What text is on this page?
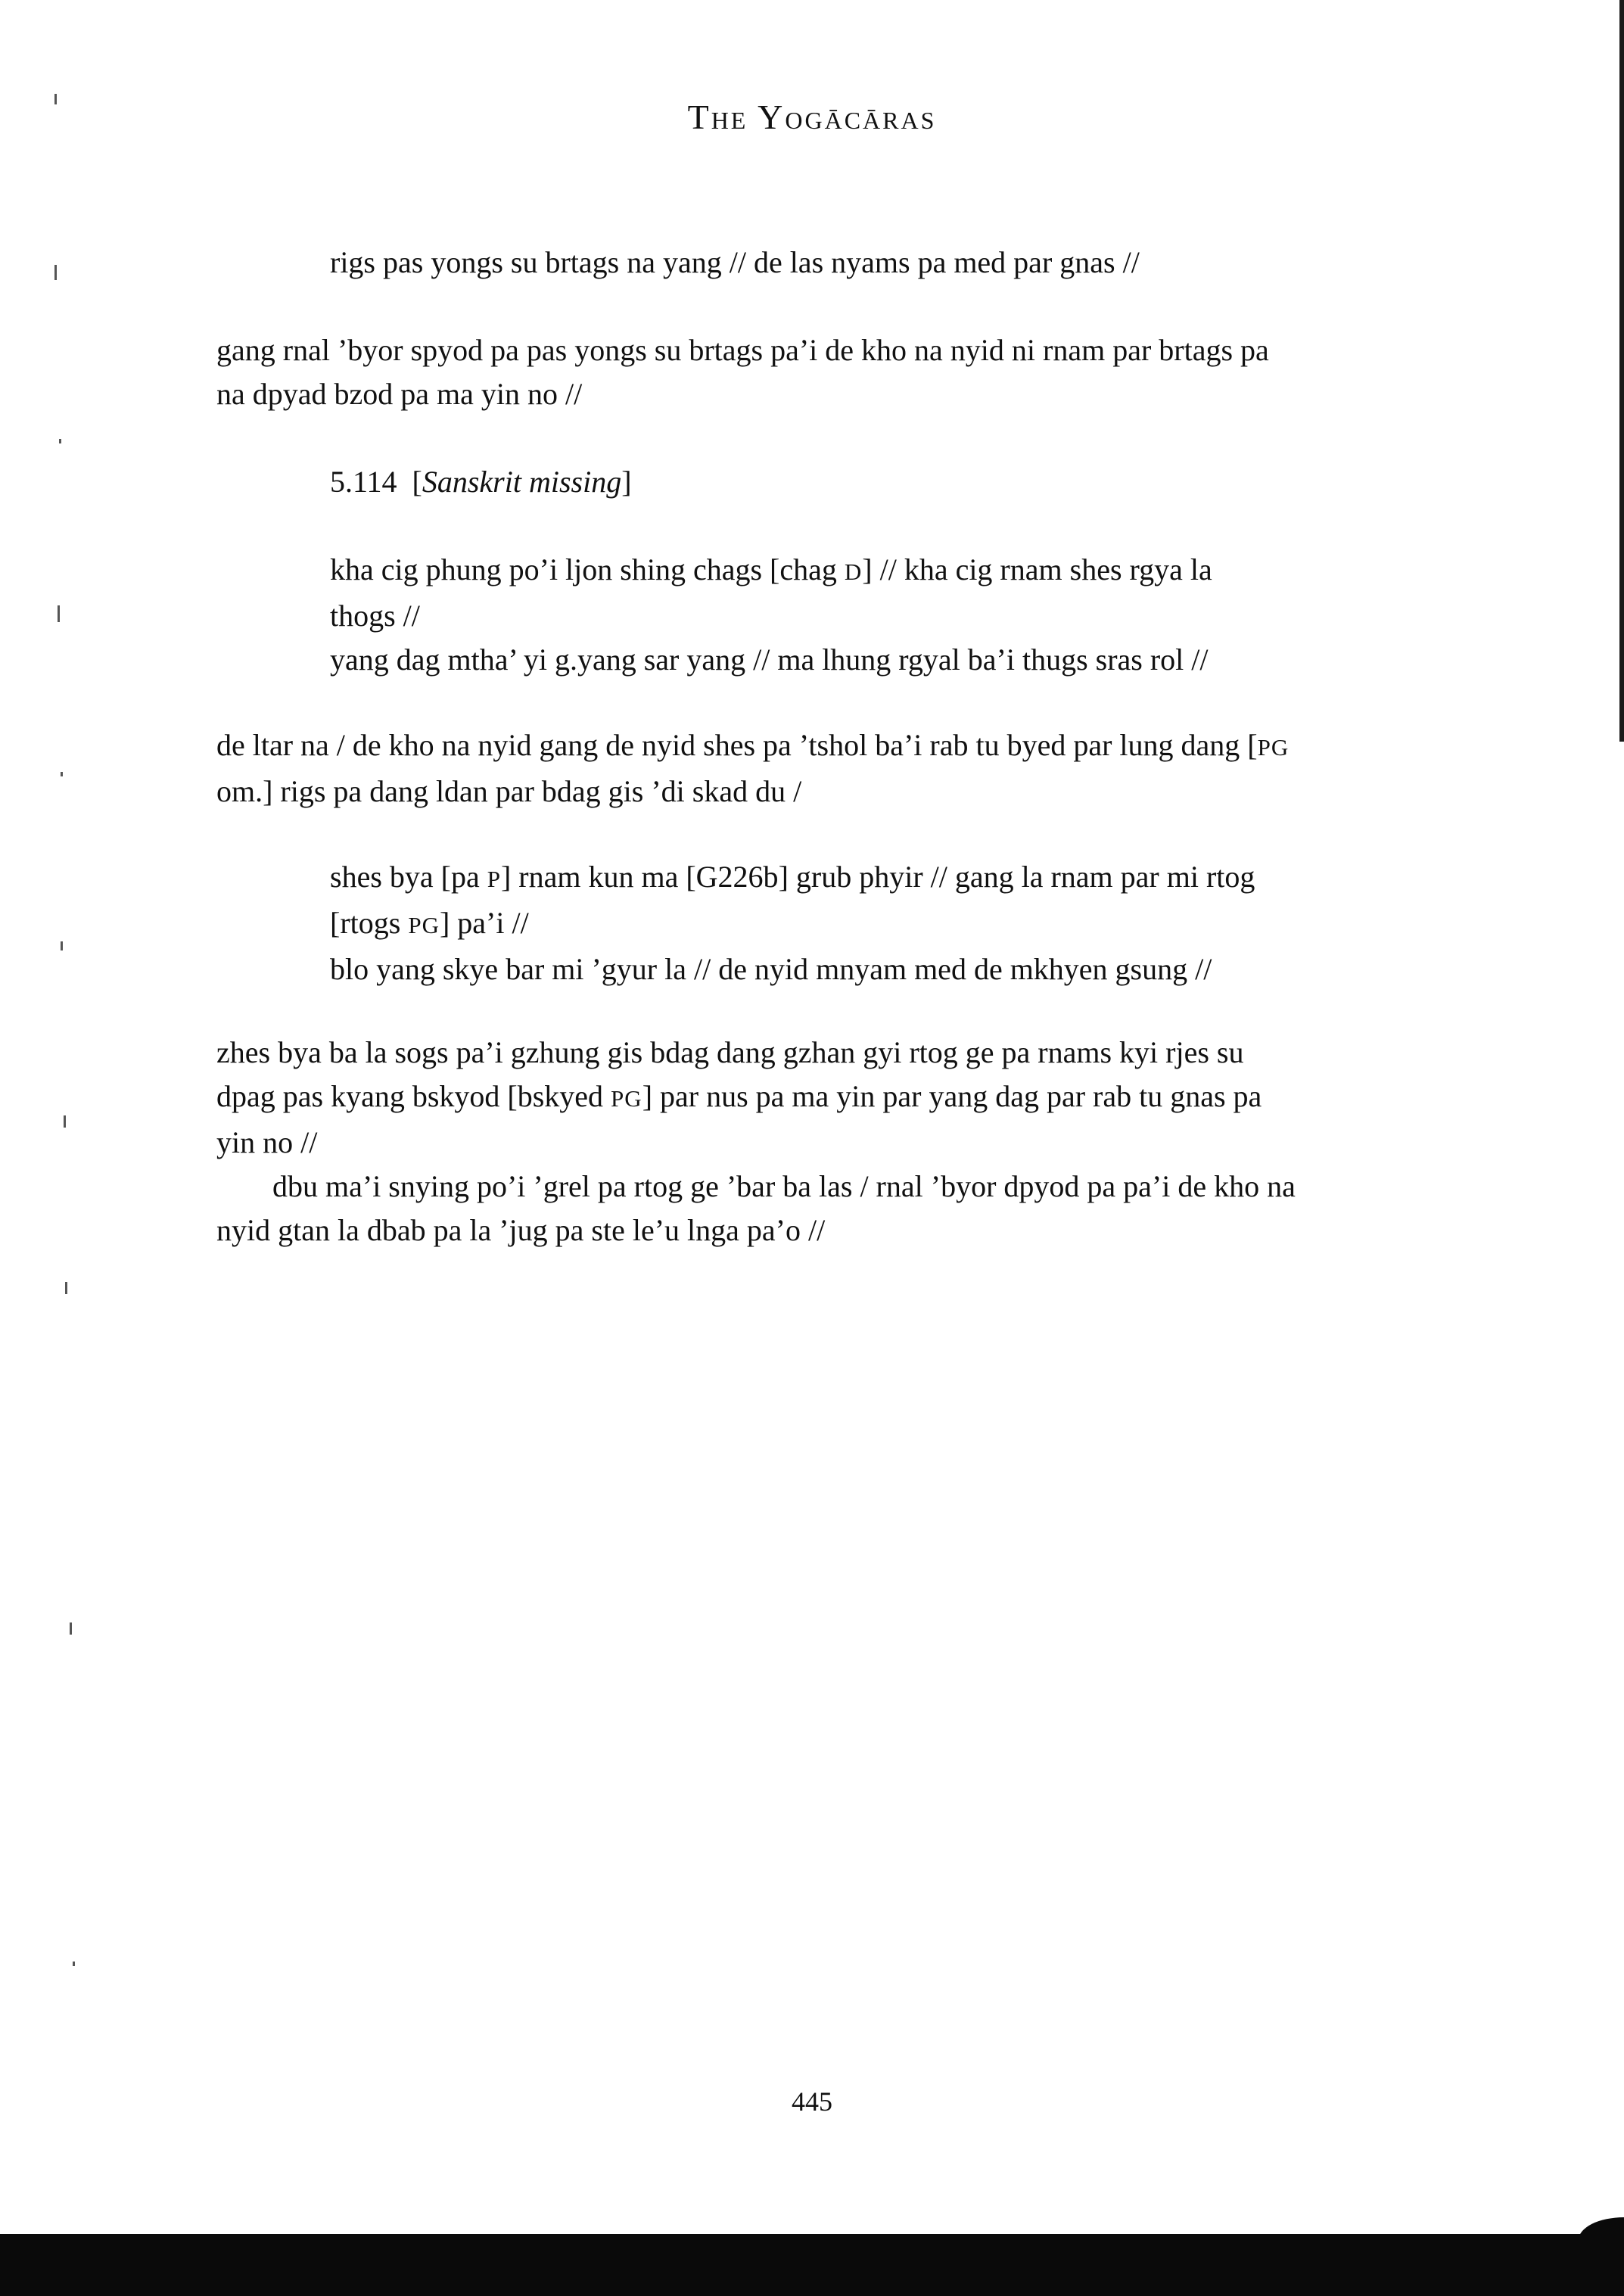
The Yogācāras

rigs pas yongs su brtags na yang // de las nyams pa med par gnas //

gang rnal ’byor spyod pa pas yongs su brtags pa’i de kho na nyid ni rnam par brtags pa
na dpyad bzod pa ma yin no //

5.114 [Sanskrit missing]

kha cig phung po’i ljon shing chags [chag D] // kha cig rnam shes rgya la
thogs //
yang dag mtha’ yi g.yang sar yang // ma lhung rgyal ba’i thugs sras rol //

de ltar na / de kho na nyid gang de nyid shes pa ’tshol ba’i rab tu byed par lung dang [PG
om.] rigs pa dang ldan par bdag gis ’di skad du /

shes bya [pa P] rnam kun ma [G226b] grub phyir // gang la rnam par mi rtog
[rtogs PG] pa’i //
blo yang skye bar mi ’gyur la // de nyid mnyam med de mkhyen gsung //

zhes bya ba la sogs pa’i gzhung gis bdag dang gzhan gyi rtog ge pa rnams kyi rjes su
dpag pas kyang bskyod [bskyed PG] par nus pa ma yin par yang dag par rab tu gnas pa
yin no //
dbu ma’i snying po’i ’grel pa rtog ge ’bar ba las / rnal ’byor dpyod pa pa’i de kho na
nyid gtan la dbab pa la ’jug pa ste le’u lnga pa’o //

445
